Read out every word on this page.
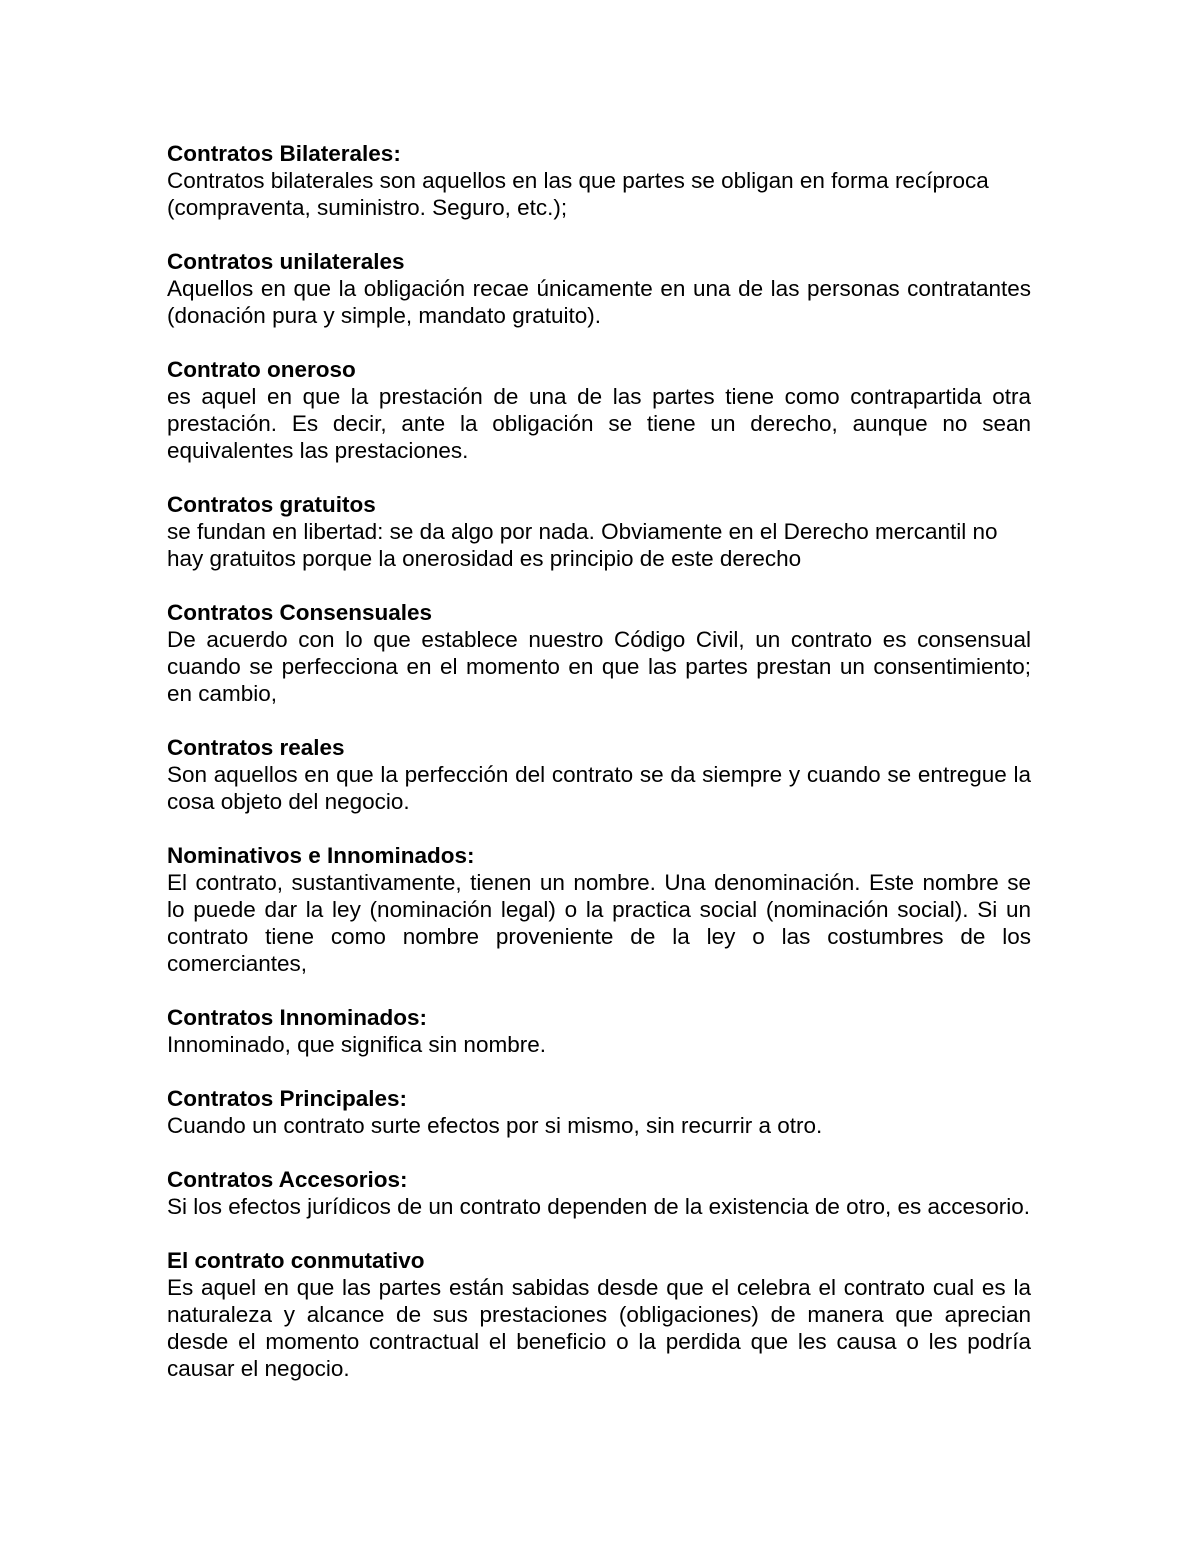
Contratos Bilaterales:
Contratos bilaterales son aquellos en las que partes se obligan en forma recíproca (compraventa, suministro. Seguro, etc.);
Contratos unilaterales
Aquellos en que la obligación recae únicamente en una de las personas contratantes (donación pura y simple, mandato gratuito).
Contrato oneroso
es aquel en que la prestación de una de las partes tiene como contrapartida otra prestación. Es decir, ante la obligación se tiene un derecho, aunque no sean equivalentes las prestaciones.
Contratos gratuitos
se fundan en libertad: se da algo por nada. Obviamente en el Derecho mercantil no hay gratuitos porque la onerosidad es principio de este derecho
Contratos Consensuales
De acuerdo con lo que establece nuestro Código Civil, un contrato es consensual cuando se perfecciona en el momento en que las partes prestan un consentimiento; en cambio,
Contratos reales
Son aquellos en que la perfección del contrato se da siempre y cuando se entregue la cosa objeto del negocio.
Nominativos e Innominados:
El contrato, sustantivamente, tienen un nombre. Una denominación. Este nombre se lo puede dar la ley (nominación legal) o la practica social (nominación social). Si un contrato tiene como nombre proveniente de la ley o las costumbres de los comerciantes,
Contratos Innominados:
Innominado, que significa sin nombre.
Contratos Principales:
Cuando un contrato surte efectos por si mismo, sin recurrir a otro.
Contratos Accesorios:
Si los efectos jurídicos de un contrato dependen de la existencia de otro, es accesorio.
El contrato conmutativo
Es aquel en que las partes están sabidas desde que el celebra el contrato cual es la naturaleza y alcance de sus prestaciones (obligaciones) de manera que aprecian desde el momento contractual el beneficio o la perdida que les causa o les podría causar el negocio.
